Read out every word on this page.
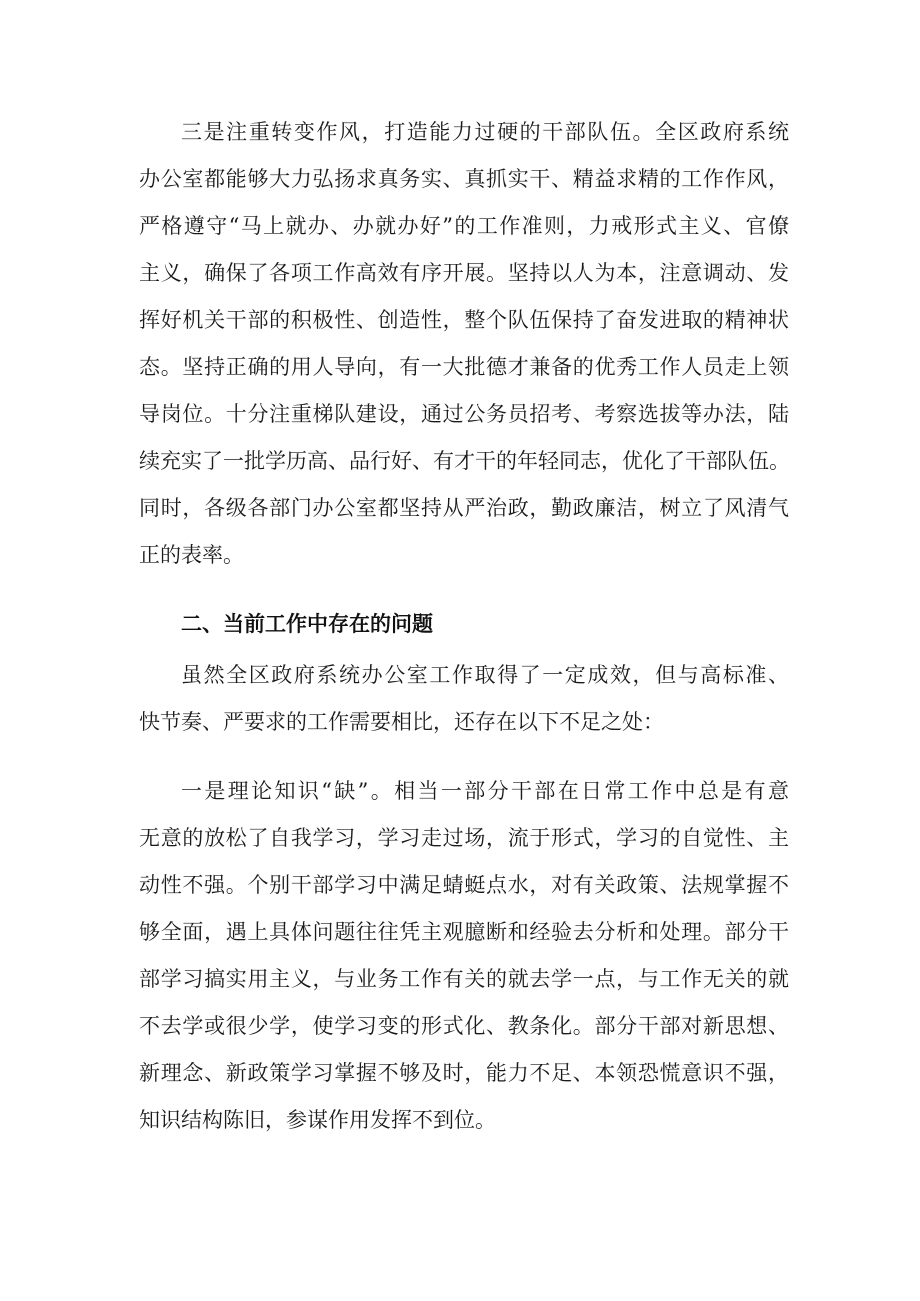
三是注重转变作风，打造能力过硬的干部队伍。全区政府系统
办公室都能够大力弘扬求真务实、真抓实干、精益求精的工作作风，
严格遵守“马上就办、办就办好”的工作准则，力戒形式主义、官僚
主义，确保了各项工作高效有序开展。坚持以人为本，注意调动、发
挥好机关干部的积极性、创造性，整个队伍保持了奋发进取的精神状
态。坚持正确的用人导向，有一大批德才兼备的优秀工作人员走上领
导岗位。十分注重梯队建设，通过公务员招考、考察选拔等办法，陆
续充实了一批学历高、品行好、有才干的年轻同志，优化了干部队伍。
同时，各级各部门办公室都坚持从严治政，勤政廉洁，树立了风清气
正的表率。
二、当前工作中存在的问题
虽然全区政府系统办公室工作取得了一定成效，但与高标准、
快节奏、严要求的工作需要相比，还存在以下不足之处：
一是理论知识“缺”。相当一部分干部在日常工作中总是有意
无意的放松了自我学习，学习走过场，流于形式，学习的自觉性、主
动性不强。个别干部学习中满足蜻蜓点水，对有关政策、法规掌握不
够全面，遇上具体问题往往凭主观臆断和经验去分析和处理。部分干
部学习搞实用主义，与业务工作有关的就去学一点，与工作无关的就
不去学或很少学，使学习变的形式化、教条化。部分干部对新思想、
新理念、新政策学习掌握不够及时，能力不足、本领恐慌意识不强，
知识结构陈旧，参谋作用发挥不到位。
